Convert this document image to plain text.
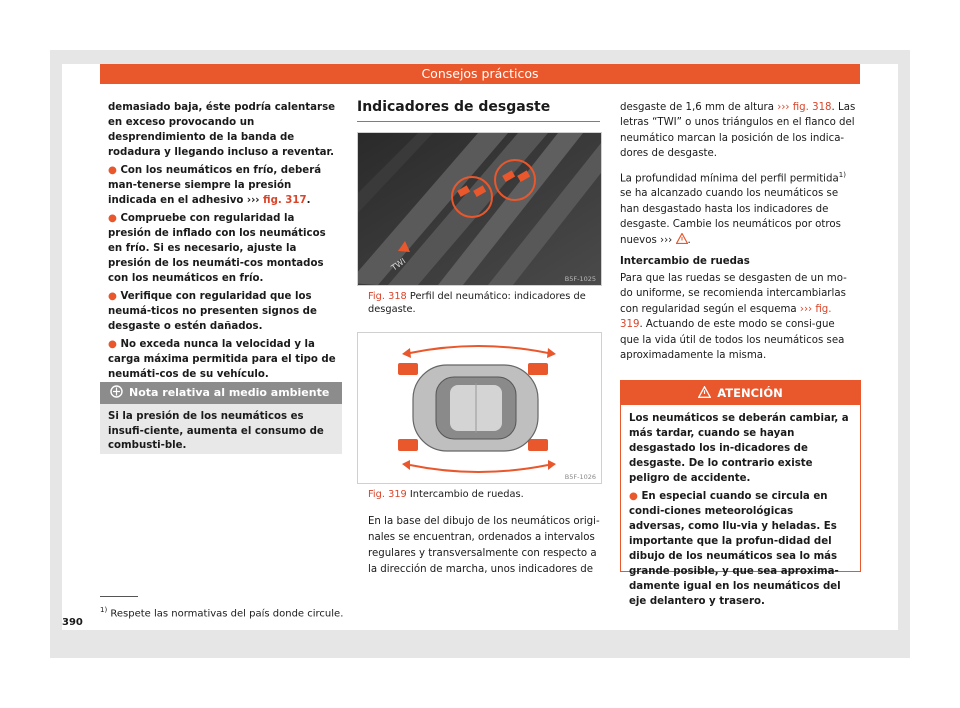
Consejos prácticos

demasiado baja, éste podría calentarse en exceso provocando un desprendimiento de la banda de rodadura y llegando incluso a reventar.

● Con los neumáticos en frío, deberá man-tenerse siempre la presión indicada en el adhesivo ››› fig. 317.

● Compruebe con regularidad la presión de inflado con los neumáticos en frío. Si es necesario, ajuste la presión de los neumáti-cos montados con los neumáticos en frío.

● Verifique con regularidad que los neumá-ticos no presenten signos de desgaste o estén dañados.

● No exceda nunca la velocidad y la carga máxima permitida para el tipo de neumáti-cos de su vehículo.

Nota relativa al medio ambiente
Si la presión de los neumáticos es insufi-ciente, aumenta el consumo de combusti-ble.
Indicadores de desgaste
TWI
B5F-1025
Fig. 318 Perfil del neumático: indicadores de desgaste.
B5F-1026
Fig. 319 Intercambio de ruedas.
En la base del dibujo de los neumáticos origi-nales se encuentran, ordenados a intervalos regulares y transversalmente con respecto a la dirección de marcha, unos indicadores de

desgaste de 1,6 mm de altura ››› fig. 318. Las letras “TWI” o unos triángulos en el flanco del neumático marcan la posición de los indica-dores de desgaste.

La profundidad mínima del perfil permitida$^{1)}$ se ha alcanzado cuando los neumáticos se han desgastado hasta los indicadores de desgaste. Cambie los neumáticos por otros nuevos ››› .

Intercambio de ruedas

Para que las ruedas se desgasten de un mo-do uniforme, se recomienda intercambiarlas con regularidad según el esquema ››› fig. 319. Actuando de este modo se consi-gue que la vida útil de todos los neumáticos sea aproximadamente la misma.

ATENCIÓN

Los neumáticos se deberán cambiar, a más tardar, cuando se hayan desgastado los in-dicadores de desgaste. De lo contrario existe peligro de accidente.

● En especial cuando se circula en condi-ciones meteorológicas adversas, como llu-via y heladas. Es importante que la profun-didad del dibujo de los neumáticos sea lo más grande posible, y que sea aproxima-damente igual en los neumáticos del eje delantero y trasero.

$^{1)}$ Respete las normativas del país donde circule.
390
